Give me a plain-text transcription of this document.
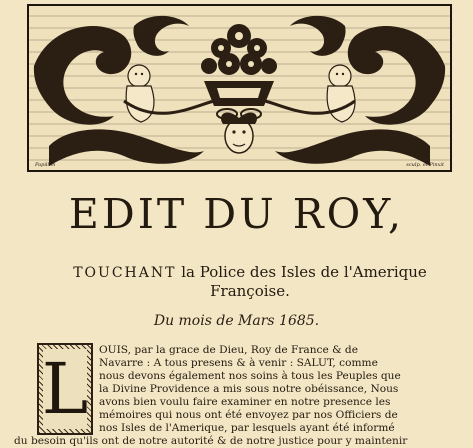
Papillon	sculp. ét Pinxit
EDIT DU ROY,
TOUCHANT la Police des Isles de l'Amerique
Françoise.
Du mois de Mars 1685.
L OUIS, par la grace de Dieu, Roy de France & de
Navarre : A tous presens & à venir : SALUT, comme
nous devons également nos soins à tous les Peuples que
la Divine Providence a mis sous notre obéissance, Nous
avons bien voulu faire examiner en notre presence les
mémoires qui nous ont été envoyez par nos Officiers de
nos Isles de l'Amerique, par lesquels ayant été informé
du besoin qu'ils ont de notre autorité & de notre justice pour y maintenir
